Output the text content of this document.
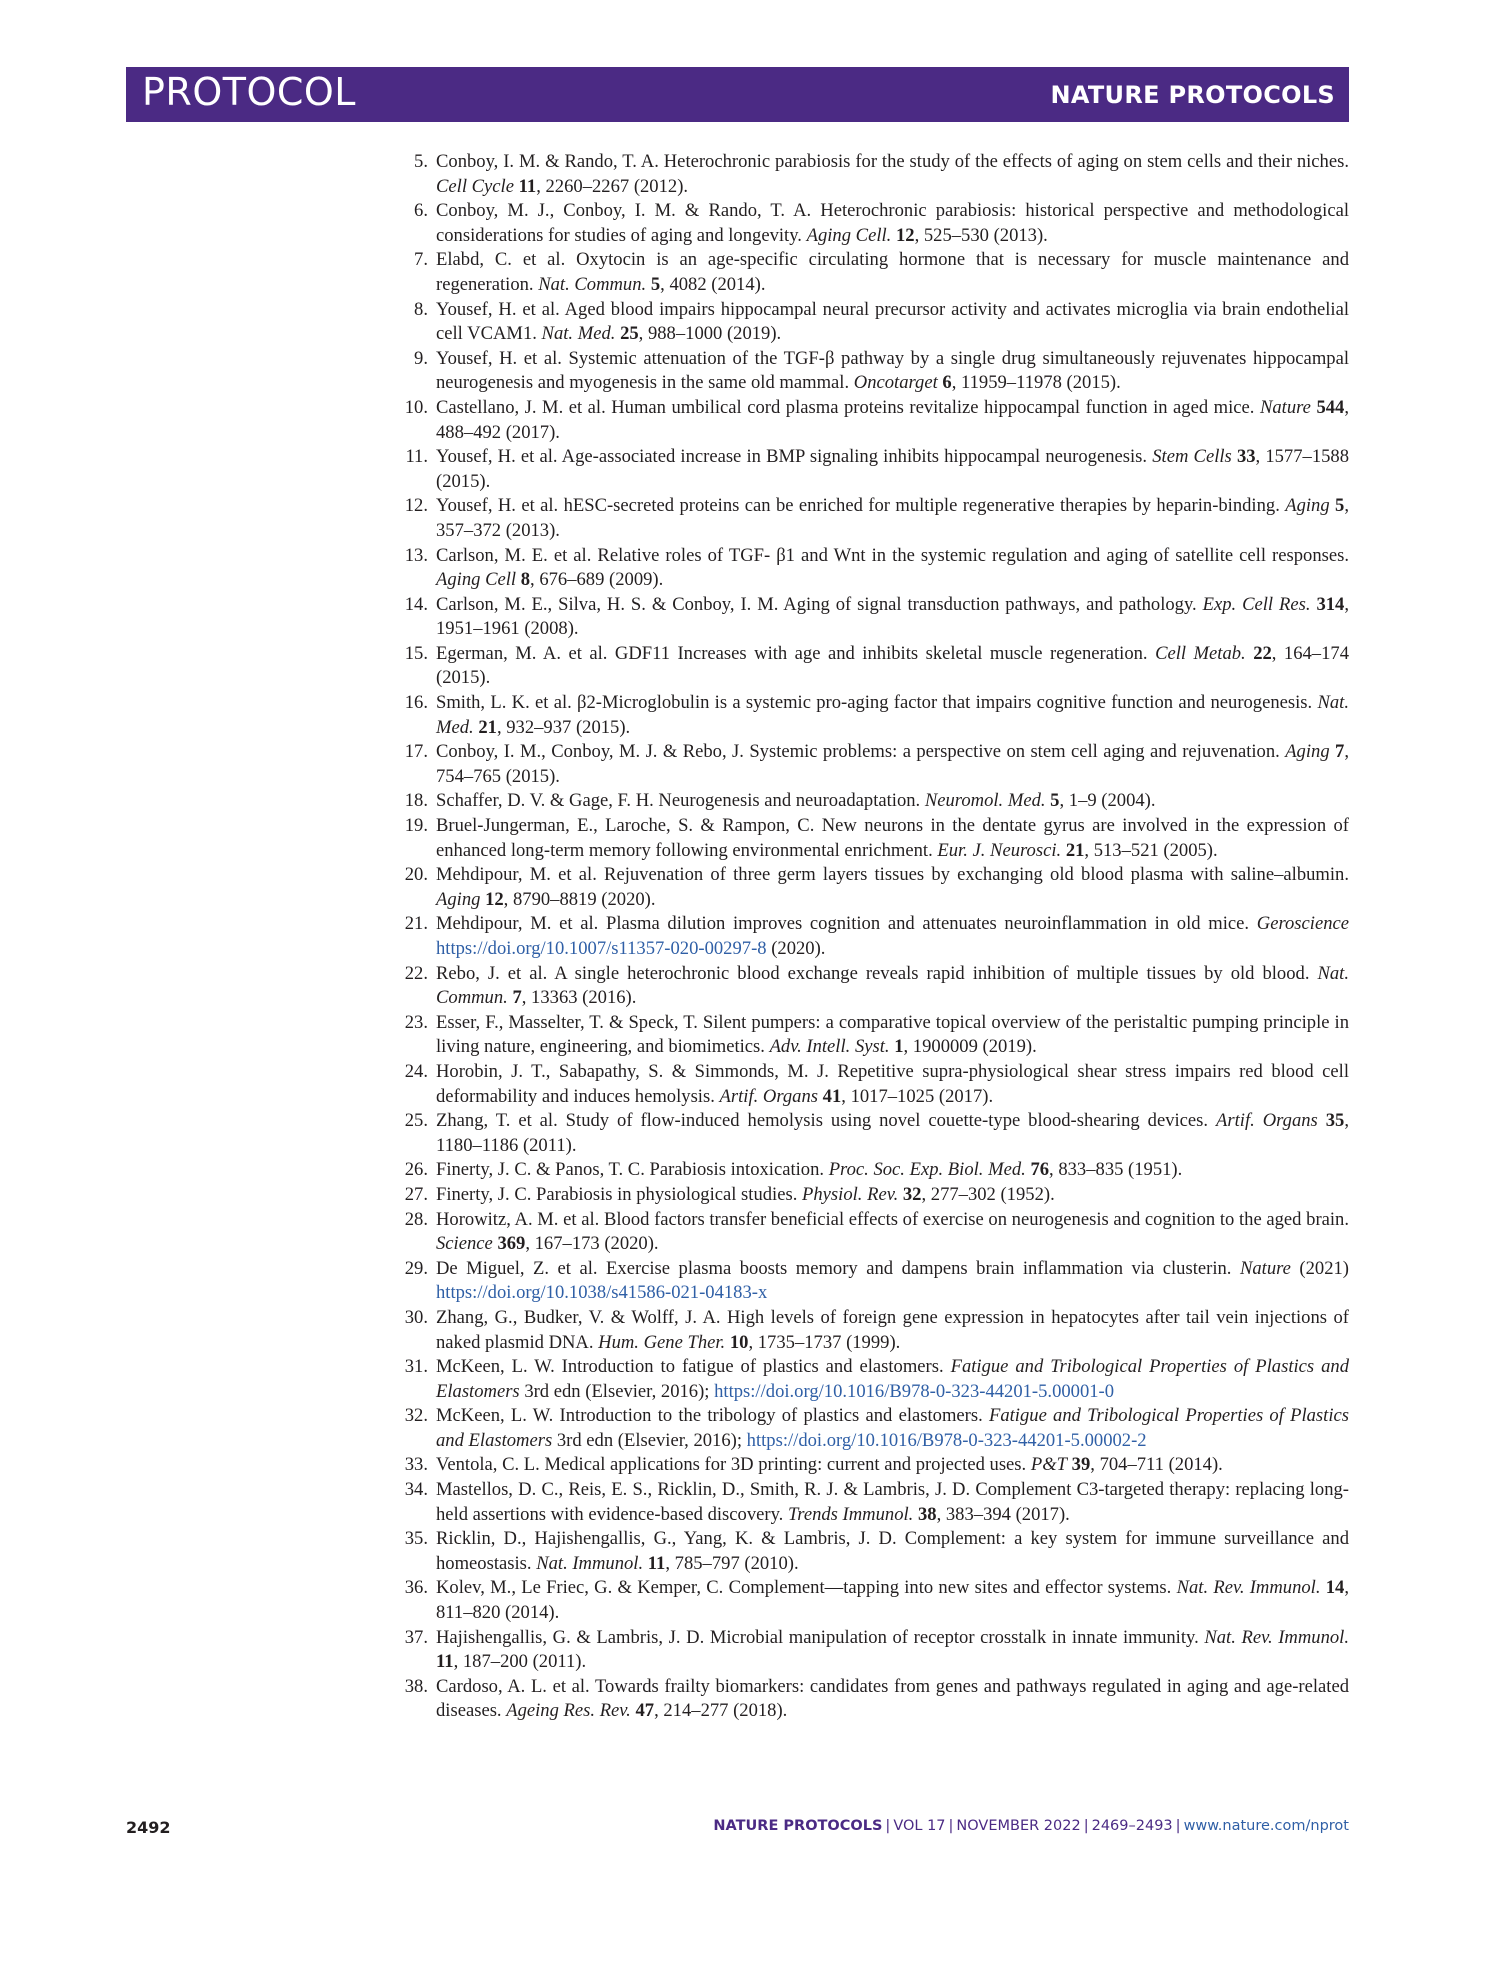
PROTOCOL	NATURE PROTOCOLS
5. Conboy, I. M. & Rando, T. A. Heterochronic parabiosis for the study of the effects of aging on stem cells and their niches. Cell Cycle 11, 2260–2267 (2012).
6. Conboy, M. J., Conboy, I. M. & Rando, T. A. Heterochronic parabiosis: historical perspective and methodological considerations for studies of aging and longevity. Aging Cell. 12, 525–530 (2013).
7. Elabd, C. et al. Oxytocin is an age-specific circulating hormone that is necessary for muscle maintenance and regeneration. Nat. Commun. 5, 4082 (2014).
8. Yousef, H. et al. Aged blood impairs hippocampal neural precursor activity and activates microglia via brain endothelial cell VCAM1. Nat. Med. 25, 988–1000 (2019).
9. Yousef, H. et al. Systemic attenuation of the TGF-β pathway by a single drug simultaneously rejuvenates hippocampal neurogenesis and myogenesis in the same old mammal. Oncotarget 6, 11959–11978 (2015).
10. Castellano, J. M. et al. Human umbilical cord plasma proteins revitalize hippocampal function in aged mice. Nature 544, 488–492 (2017).
11. Yousef, H. et al. Age-associated increase in BMP signaling inhibits hippocampal neurogenesis. Stem Cells 33, 1577–1588 (2015).
12. Yousef, H. et al. hESC-secreted proteins can be enriched for multiple regenerative therapies by heparin-binding. Aging 5, 357–372 (2013).
13. Carlson, M. E. et al. Relative roles of TGF- β1 and Wnt in the systemic regulation and aging of satellite cell responses. Aging Cell 8, 676–689 (2009).
14. Carlson, M. E., Silva, H. S. & Conboy, I. M. Aging of signal transduction pathways, and pathology. Exp. Cell Res. 314, 1951–1961 (2008).
15. Egerman, M. A. et al. GDF11 Increases with age and inhibits skeletal muscle regeneration. Cell Metab. 22, 164–174 (2015).
16. Smith, L. K. et al. β2-Microglobulin is a systemic pro-aging factor that impairs cognitive function and neurogenesis. Nat. Med. 21, 932–937 (2015).
17. Conboy, I. M., Conboy, M. J. & Rebo, J. Systemic problems: a perspective on stem cell aging and rejuvenation. Aging 7, 754–765 (2015).
18. Schaffer, D. V. & Gage, F. H. Neurogenesis and neuroadaptation. Neuromol. Med. 5, 1–9 (2004).
19. Bruel-Jungerman, E., Laroche, S. & Rampon, C. New neurons in the dentate gyrus are involved in the expression of enhanced long-term memory following environmental enrichment. Eur. J. Neurosci. 21, 513–521 (2005).
20. Mehdipour, M. et al. Rejuvenation of three germ layers tissues by exchanging old blood plasma with saline–albumin. Aging 12, 8790–8819 (2020).
21. Mehdipour, M. et al. Plasma dilution improves cognition and attenuates neuroinflammation in old mice. Geroscience https://doi.org/10.1007/s11357-020-00297-8 (2020).
22. Rebo, J. et al. A single heterochronic blood exchange reveals rapid inhibition of multiple tissues by old blood. Nat. Commun. 7, 13363 (2016).
23. Esser, F., Masselter, T. & Speck, T. Silent pumpers: a comparative topical overview of the peristaltic pumping principle in living nature, engineering, and biomimetics. Adv. Intell. Syst. 1, 1900009 (2019).
24. Horobin, J. T., Sabapathy, S. & Simmonds, M. J. Repetitive supra-physiological shear stress impairs red blood cell deformability and induces hemolysis. Artif. Organs 41, 1017–1025 (2017).
25. Zhang, T. et al. Study of flow-induced hemolysis using novel couette-type blood-shearing devices. Artif. Organs 35, 1180–1186 (2011).
26. Finerty, J. C. & Panos, T. C. Parabiosis intoxication. Proc. Soc. Exp. Biol. Med. 76, 833–835 (1951).
27. Finerty, J. C. Parabiosis in physiological studies. Physiol. Rev. 32, 277–302 (1952).
28. Horowitz, A. M. et al. Blood factors transfer beneficial effects of exercise on neurogenesis and cognition to the aged brain. Science 369, 167–173 (2020).
29. De Miguel, Z. et al. Exercise plasma boosts memory and dampens brain inflammation via clusterin. Nature (2021) https://doi.org/10.1038/s41586-021-04183-x
30. Zhang, G., Budker, V. & Wolff, J. A. High levels of foreign gene expression in hepatocytes after tail vein injections of naked plasmid DNA. Hum. Gene Ther. 10, 1735–1737 (1999).
31. McKeen, L. W. Introduction to fatigue of plastics and elastomers. Fatigue and Tribological Properties of Plastics and Elastomers 3rd edn (Elsevier, 2016); https://doi.org/10.1016/B978-0-323-44201-5.00001-0
32. McKeen, L. W. Introduction to the tribology of plastics and elastomers. Fatigue and Tribological Properties of Plastics and Elastomers 3rd edn (Elsevier, 2016); https://doi.org/10.1016/B978-0-323-44201-5.00002-2
33. Ventola, C. L. Medical applications for 3D printing: current and projected uses. P&T 39, 704–711 (2014).
34. Mastellos, D. C., Reis, E. S., Ricklin, D., Smith, R. J. & Lambris, J. D. Complement C3-targeted therapy: replacing long-held assertions with evidence-based discovery. Trends Immunol. 38, 383–394 (2017).
35. Ricklin, D., Hajishengallis, G., Yang, K. & Lambris, J. D. Complement: a key system for immune surveillance and homeostasis. Nat. Immunol. 11, 785–797 (2010).
36. Kolev, M., Le Friec, G. & Kemper, C. Complement—tapping into new sites and effector systems. Nat. Rev. Immunol. 14, 811–820 (2014).
37. Hajishengallis, G. & Lambris, J. D. Microbial manipulation of receptor crosstalk in innate immunity. Nat. Rev. Immunol. 11, 187–200 (2011).
38. Cardoso, A. L. et al. Towards frailty biomarkers: candidates from genes and pathways regulated in aging and age-related diseases. Ageing Res. Rev. 47, 214–277 (2018).
2492	NATURE PROTOCOLS | VOL 17 | NOVEMBER 2022 | 2469–2493 | www.nature.com/nprot
